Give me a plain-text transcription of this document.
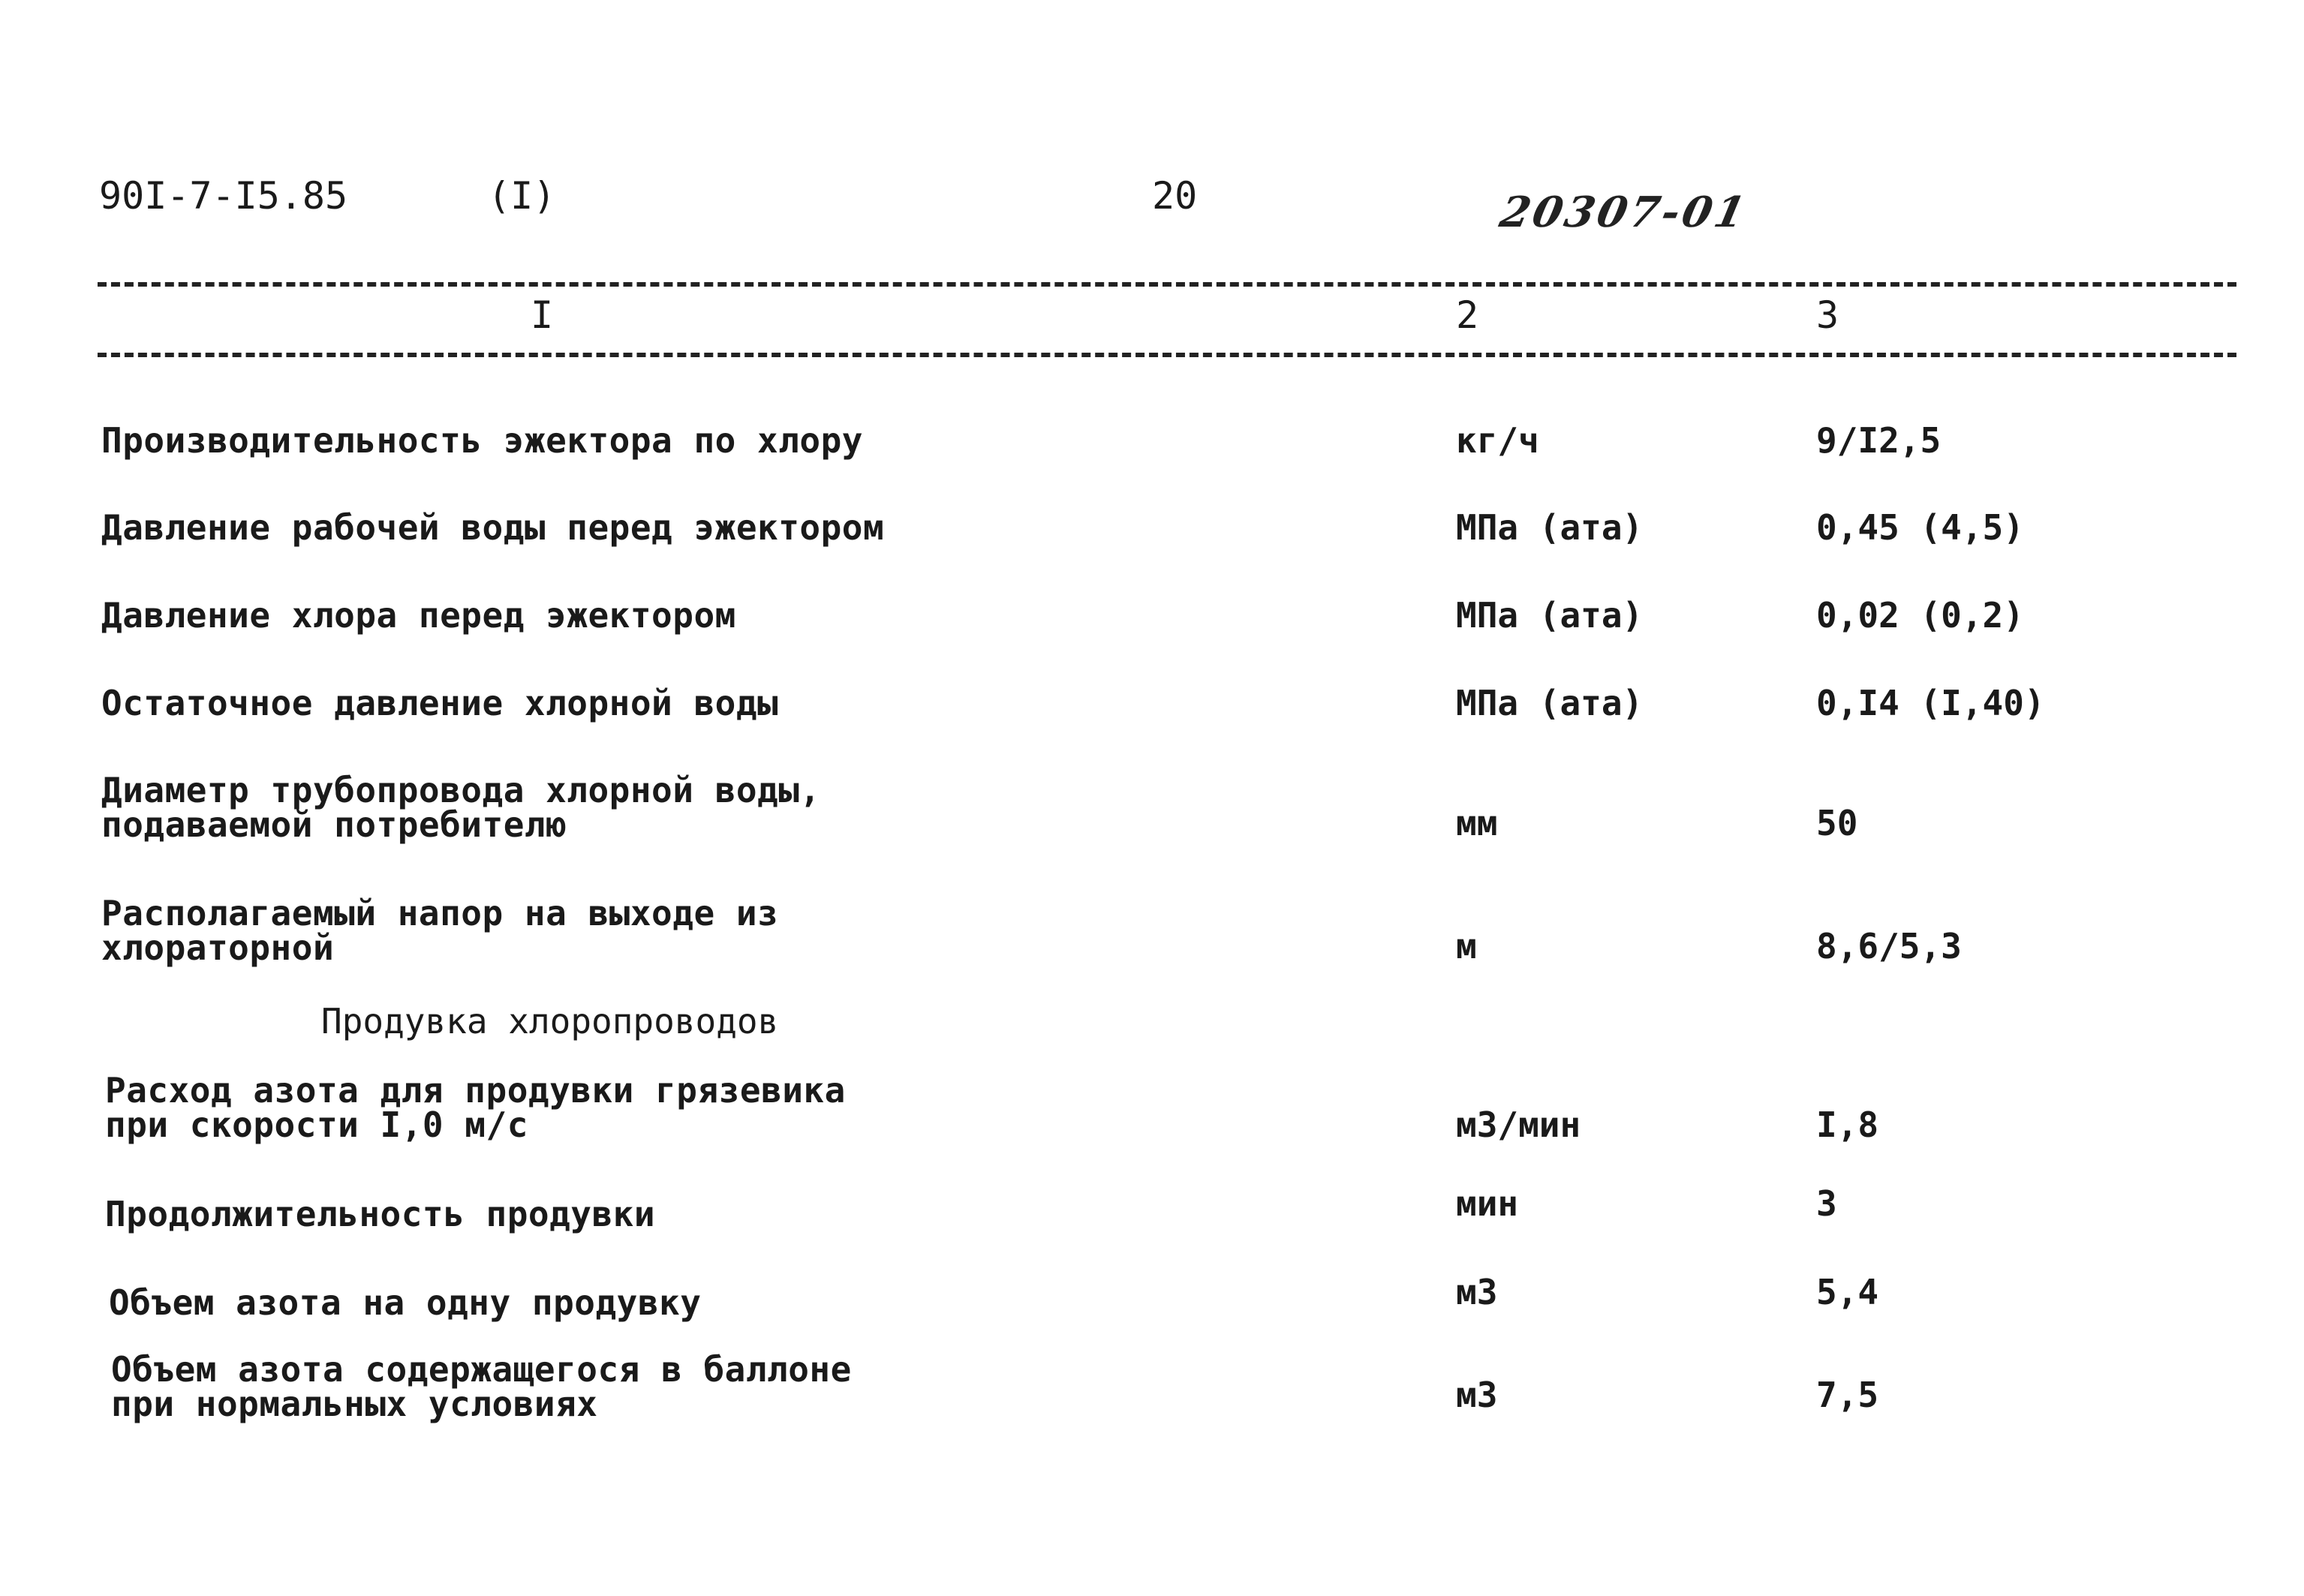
90I-7-I5.85	(I)	20	20307-01
I	2	3
Производительность эжектора по хлору	кг/ч	9/I2,5
Давление рабочей воды перед эжектором	МПа (ата)	0,45 (4,5)
Давление хлора перед эжектором	МПа (ата)	0,02 (0,2)
Остаточное давление хлорной воды	МПа (ата)	0,I4 (I,40)
Диаметр трубопровода хлорной воды,
подаваемой потребителю	мм	50
Располагаемый напор на выходе из
хлораторной	м	8,6/5,3
Продувка хлоропроводов
Расход азота для продувки грязевика
при скорости I,0 м/с	м3/мин	I,8
Продолжительность продувки	мин	3
Объем азота на одну продувку	м3	5,4
Объем азота содержащегося в баллоне
при нормальных условиях	м3	7,5
